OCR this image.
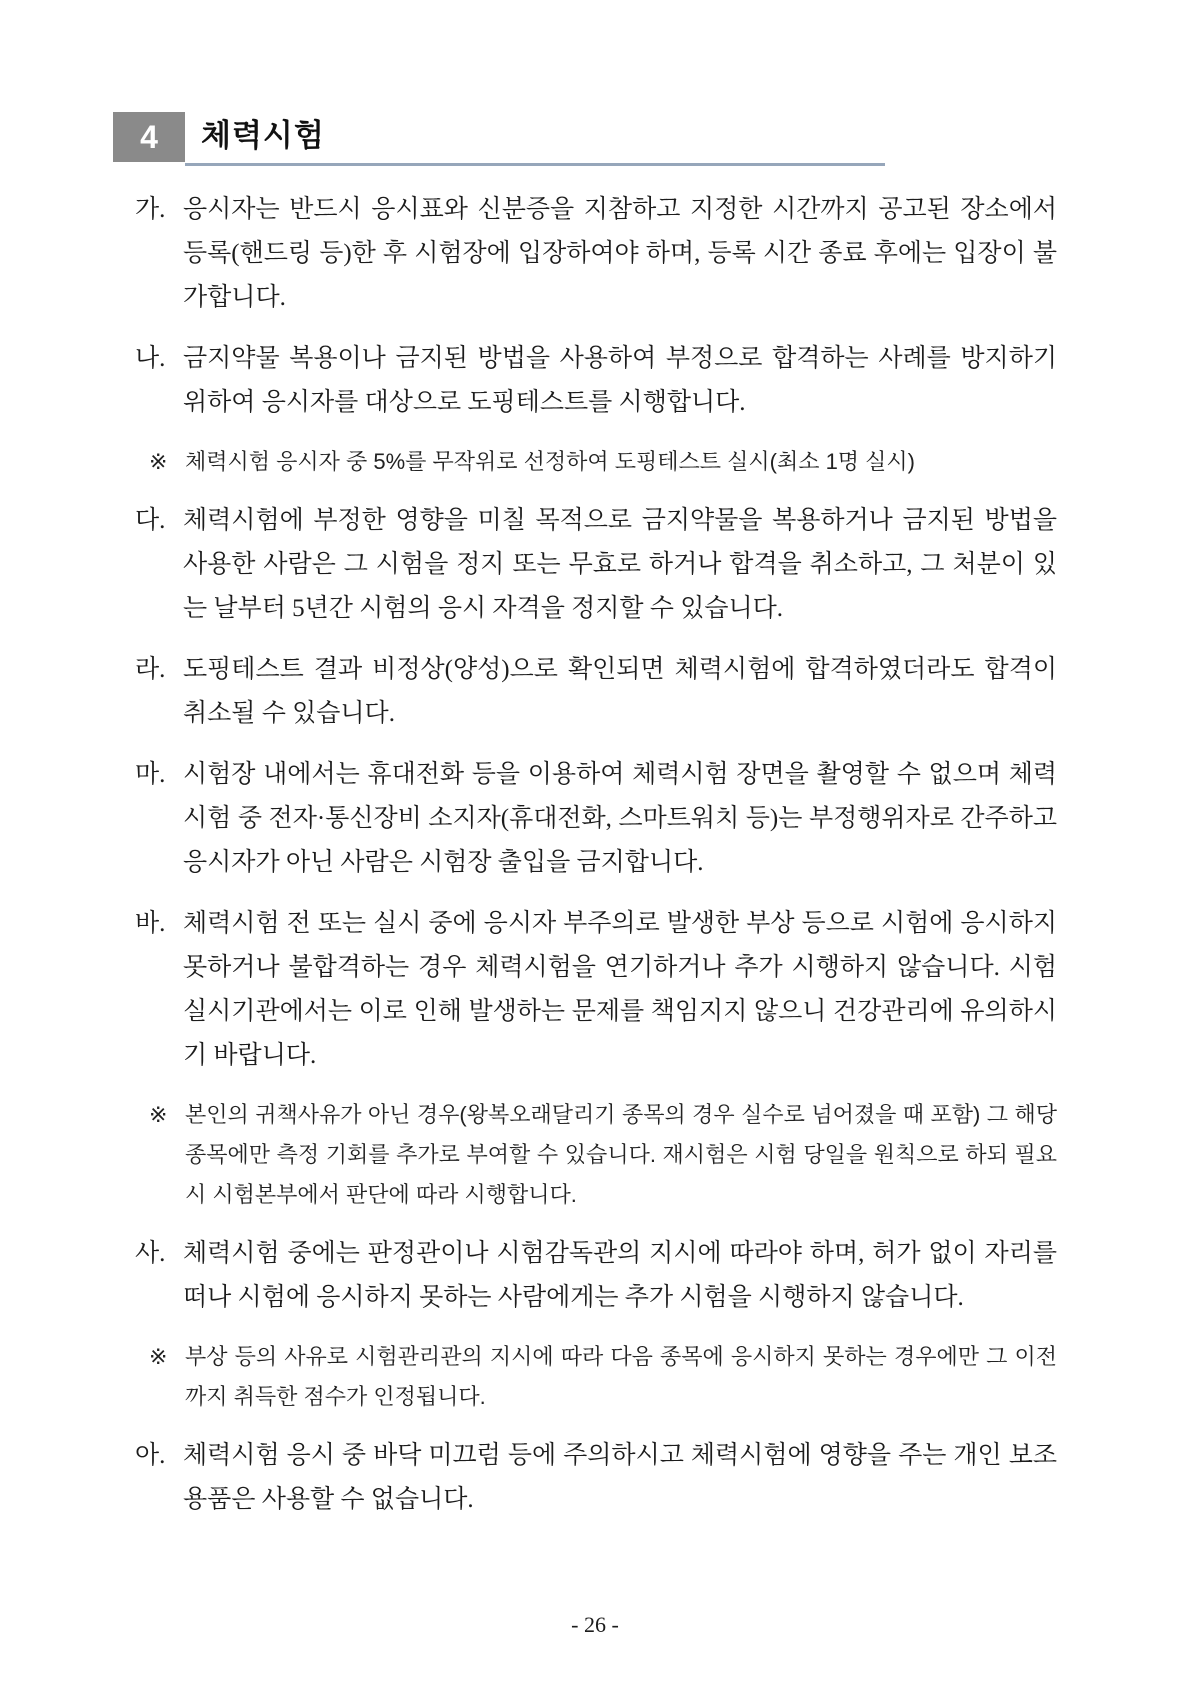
4 체력시험
가. 응시자는 반드시 응시표와 신분증을 지참하고 지정한 시간까지 공고된 장소에서 등록(핸드링 등)한 후 시험장에 입장하여야 하며, 등록 시간 종료 후에는 입장이 불가합니다.
나. 금지약물 복용이나 금지된 방법을 사용하여 부정으로 합격하는 사례를 방지하기 위하여 응시자를 대상으로 도핑테스트를 시행합니다.
※ 체력시험 응시자 중 5%를 무작위로 선정하여 도핑테스트 실시(최소 1명 실시)
다. 체력시험에 부정한 영향을 미칠 목적으로 금지약물을 복용하거나 금지된 방법을 사용한 사람은 그 시험을 정지 또는 무효로 하거나 합격을 취소하고, 그 처분이 있는 날부터 5년간 시험의 응시 자격을 정지할 수 있습니다.
라. 도핑테스트 결과 비정상(양성)으로 확인되면 체력시험에 합격하였더라도 합격이 취소될 수 있습니다.
마. 시험장 내에서는 휴대전화 등을 이용하여 체력시험 장면을 촬영할 수 없으며 체력시험 중 전자·통신장비 소지자(휴대전화, 스마트워치 등)는 부정행위자로 간주하고 응시자가 아닌 사람은 시험장 출입을 금지합니다.
바. 체력시험 전 또는 실시 중에 응시자 부주의로 발생한 부상 등으로 시험에 응시하지 못하거나 불합격하는 경우 체력시험을 연기하거나 추가 시행하지 않습니다. 시험실시기관에서는 이로 인해 발생하는 문제를 책임지지 않으니 건강관리에 유의하시기 바랍니다.
※ 본인의 귀책사유가 아닌 경우(왕복오래달리기 종목의 경우 실수로 넘어졌을 때 포함) 그 해당 종목에만 측정 기회를 추가로 부여할 수 있습니다. 재시험은 시험 당일을 원칙으로 하되 필요시 시험본부에서 판단에 따라 시행합니다.
사. 체력시험 중에는 판정관이나 시험감독관의 지시에 따라야 하며, 허가 없이 자리를 떠나 시험에 응시하지 못하는 사람에게는 추가 시험을 시행하지 않습니다.
※ 부상 등의 사유로 시험관리관의 지시에 따라 다음 종목에 응시하지 못하는 경우에만 그 이전까지 취득한 점수가 인정됩니다.
아. 체력시험 응시 중 바닥 미끄럼 등에 주의하시고 체력시험에 영향을 주는 개인 보조용품은 사용할 수 없습니다.
- 26 -
